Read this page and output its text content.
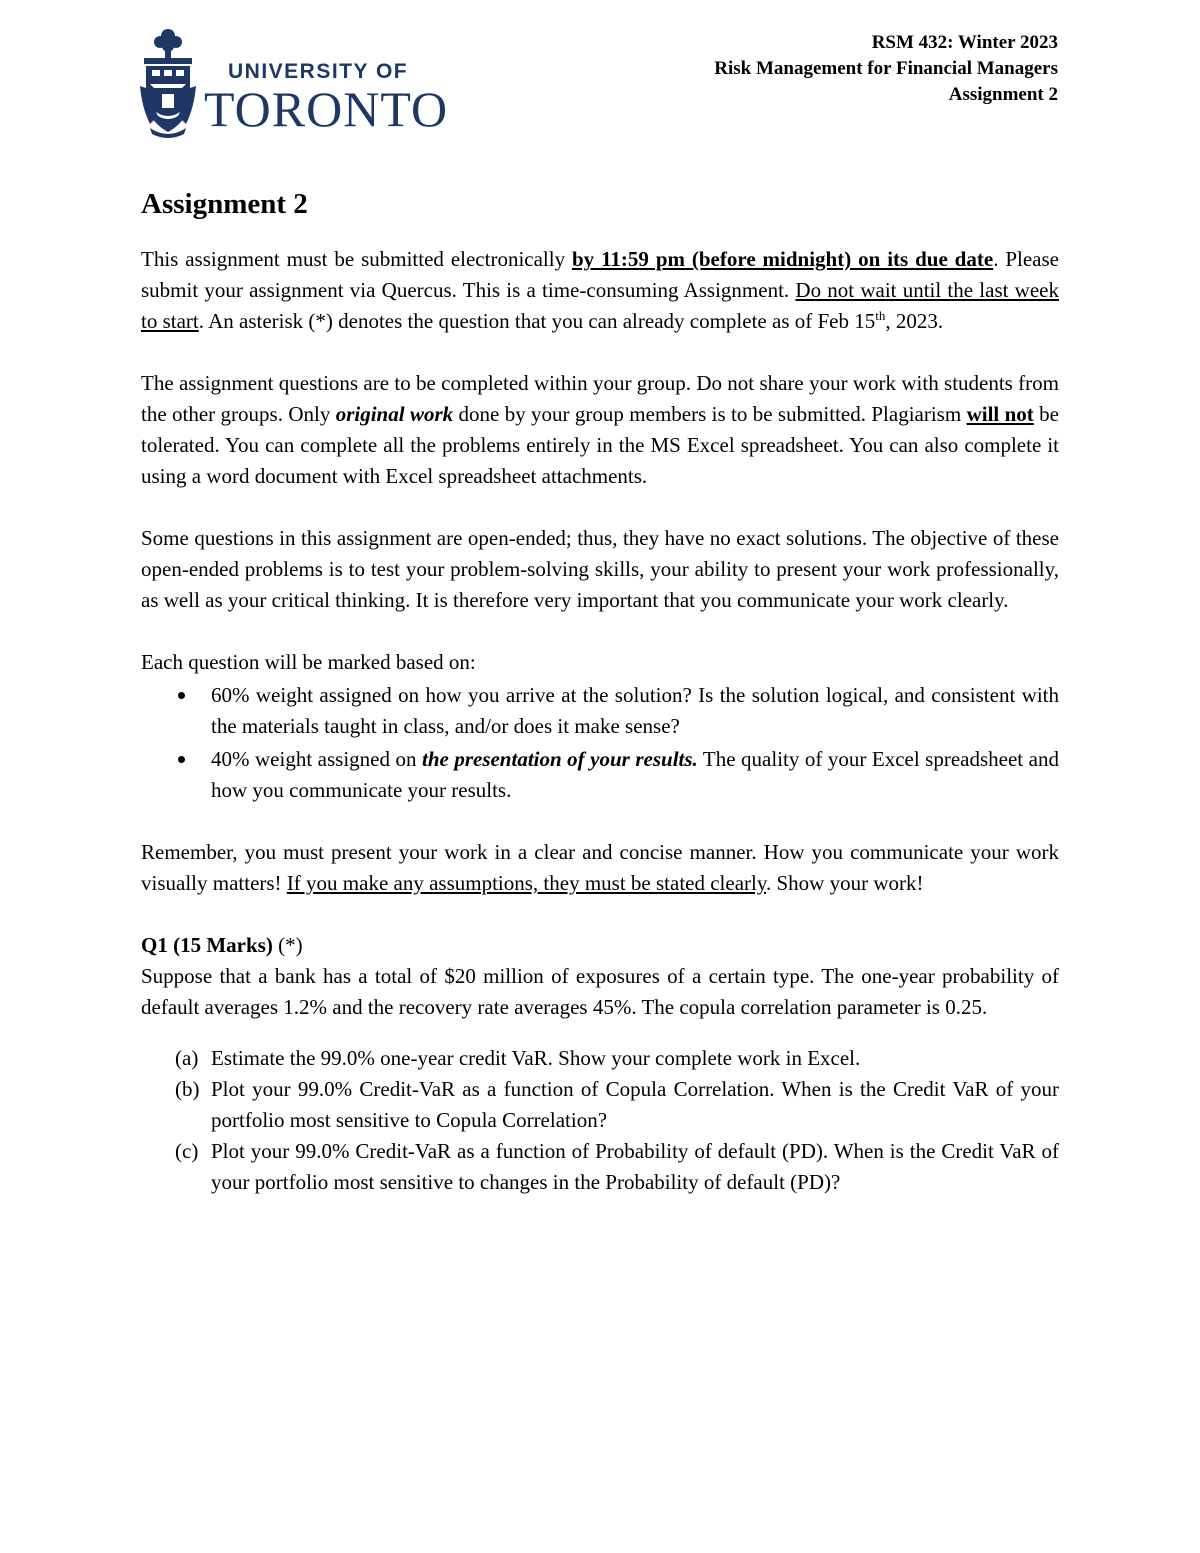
UNIVERSITY OF
TORONTO
RSM 432: Winter 2023
Risk Management for Financial Managers
Assignment 2
Assignment 2

This assignment must be submitted electronically by 11:59 pm (before midnight) on its due date. Please submit your assignment via Quercus. This is a time-consuming Assignment. Do not wait until the last week to start. An asterisk (*) denotes the question that you can already complete as of Feb 15th, 2023.

The assignment questions are to be completed within your group. Do not share your work with students from the other groups. Only original work done by your group members is to be submitted. Plagiarism will not be tolerated. You can complete all the problems entirely in the MS Excel spreadsheet. You can also complete it using a word document with Excel spreadsheet attachments.

Some questions in this assignment are open-ended; thus, they have no exact solutions. The objective of these open-ended problems is to test your problem-solving skills, your ability to present your work professionally, as well as your critical thinking. It is therefore very important that you communicate your work clearly.

Each question will be marked based on:

60% weight assigned on how you arrive at the solution? Is the solution logical, and consistent with the materials taught in class, and/or does it make sense?
40% weight assigned on the presentation of your results. The quality of your Excel spreadsheet and how you communicate your results.

Remember, you must present your work in a clear and concise manner. How you communicate your work visually matters! If you make any assumptions, they must be stated clearly. Show your work!

Q1 (15 Marks) (*)

Suppose that a bank has a total of $20 million of exposures of a certain type. The one-year probability of default averages 1.2% and the recovery rate averages 45%. The copula correlation parameter is 0.25.

(a) Estimate the 99.0% one-year credit VaR. Show your complete work in Excel.
(b) Plot your 99.0% Credit-VaR as a function of Copula Correlation. When is the Credit VaR of your portfolio most sensitive to Copula Correlation?
(c) Plot your 99.0% Credit-VaR as a function of Probability of default (PD). When is the Credit VaR of your portfolio most sensitive to changes in the Probability of default (PD)?
